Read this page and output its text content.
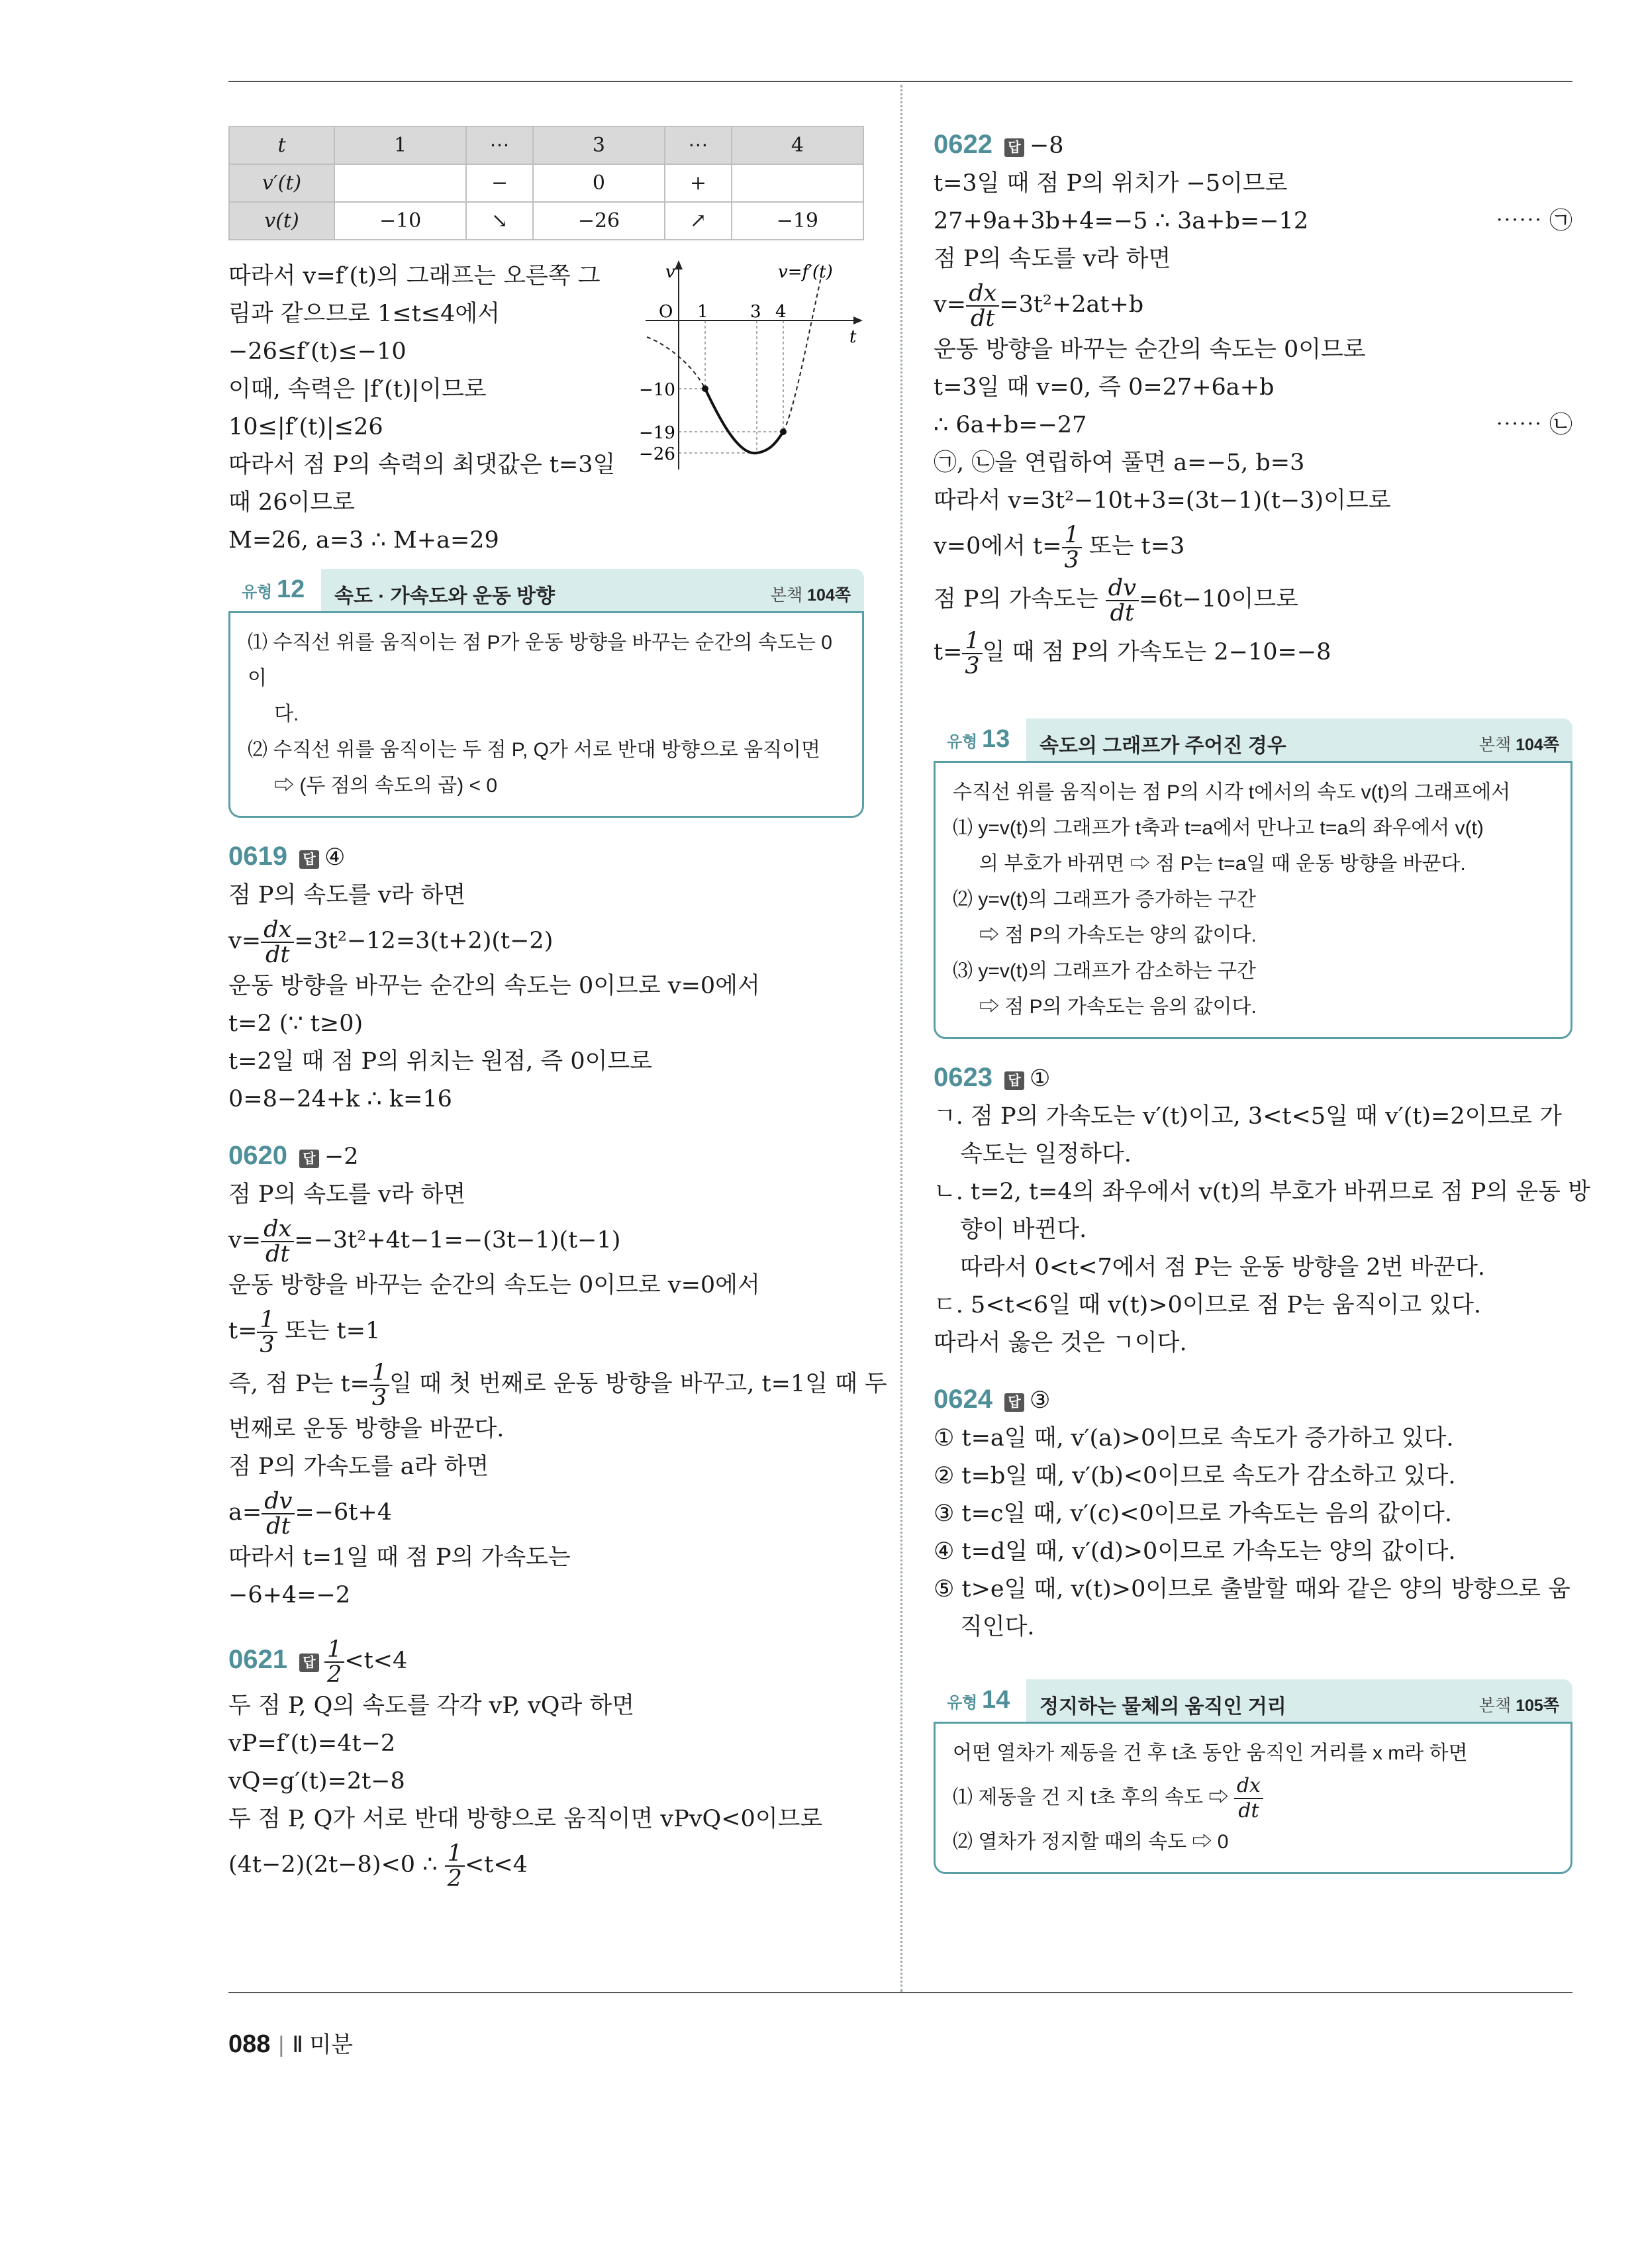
t	1	⋯	3	⋯	4
v′(t)		−	0	+	
v(t)	−10	↘	−26	↗	−19
따라서 v=f′(t)의 그래프는 오른쪽 그
림과 같으므로 1≤t≤4에서
−26≤f′(t)≤−10
이때, 속력은 |f′(t)|이므로
10≤|f′(t)|≤26
따라서 점 P의 속력의 최댓값은 t=3일
때 26이므로
M=26, a=3 ∴ M+a=29
v	v=f′(t)
O
t
1 3 4
−10
−19
−26
유형 12 속도 · 가속도와 운동 방향	본책 104쪽
⑴ 수직선 위를 움직이는 점 P가 운동 방향을 바꾸는 순간의 속도는 0이
다.
⑵ 수직선 위를 움직이는 두 점 P, Q가 서로 반대 방향으로 움직이면
⇨ (두 점의 속도의 곱) < 0
0619 답 ④
점 P의 속도를 v라 하면
$v= \frac{dx}{dt} =3t^2-12=3(t+2)(t-2)$
운동 방향을 바꾸는 순간의 속도는 0이므로 v=0에서
t=2 (∵ t≥0)
t=2일 때 점 P의 위치는 원점, 즉 0이므로
0=8−24+k ∴ k=16
0620 답 −2
점 P의 속도를 v라 하면
$v= \frac{dx}{dt} =-3t^2+4t-1=-(3t-1)(t-1)$
운동 방향을 바꾸는 순간의 속도는 0이므로 v=0에서
$t= \frac{1}{3}$ 또는 t=1
즉, 점 P는 $t= \frac{1}{3}$ 일 때 첫 번째로 운동 방향을 바꾸고, t=1일 때 두
번째로 운동 방향을 바꾼다.
점 P의 가속도를 a라 하면
$a= \frac{dv}{dt} =-6t+4$
따라서 t=1일 때 점 P의 가속도는
−6+4=−2
0621 답 $\frac{1}{2} <t<4$
두 점 P, Q의 속도를 각각 vP, vQ라 하면
vP=f′(t)=4t−2
vQ=g′(t)=2t−8
두 점 P, Q가 서로 반대 방향으로 움직이면 vPvQ<0이므로
(4t−2)(2t−8)<0 ∴ $\frac{1}{2} <t<4$
0622 답 −8
t=3일 때 점 P의 위치가 −5이므로
27+9a+3b+4=−5 ∴ 3a+b=−12	⋯⋯ ㉠
점 P의 속도를 v라 하면
$v= \frac{dx}{dt} =3t^2+2at+b$
운동 방향을 바꾸는 순간의 속도는 0이므로
t=3일 때 v=0, 즉 0=27+6a+b
∴ 6a+b=−27	⋯⋯ ㉡
㉠, ㉡을 연립하여 풀면 a=−5, b=3
따라서 v=3t²−10t+3=(3t−1)(t−3)이므로
v=0에서 $t= \frac{1}{3}$ 또는 t=3
점 P의 가속도는 $\frac{dv}{dt} =6t-10$이므로
$t= \frac{1}{3}$ 일 때 점 P의 가속도는 2−10=−8
유형 13 속도의 그래프가 주어진 경우	본책 104쪽
수직선 위를 움직이는 점 P의 시각 t에서의 속도 v(t)의 그래프에서
⑴ y=v(t)의 그래프가 t축과 t=a에서 만나고 t=a의 좌우에서 v(t)
의 부호가 바뀌면 ⇨ 점 P는 t=a일 때 운동 방향을 바꾼다.
⑵ y=v(t)의 그래프가 증가하는 구간
⇨ 점 P의 가속도는 양의 값이다.
⑶ y=v(t)의 그래프가 감소하는 구간
⇨ 점 P의 가속도는 음의 값이다.
0623 답 ①
ㄱ. 점 P의 가속도는 v′(t)이고, 3<t<5일 때 v′(t)=2이므로 가
속도는 일정하다.
ㄴ. t=2, t=4의 좌우에서 v(t)의 부호가 바뀌므로 점 P의 운동 방
향이 바뀐다.
따라서 0<t<7에서 점 P는 운동 방향을 2번 바꾼다.
ㄷ. 5<t<6일 때 v(t)>0이므로 점 P는 움직이고 있다.
따라서 옳은 것은 ㄱ이다.
0624 답 ③
① t=a일 때, v′(a)>0이므로 속도가 증가하고 있다.
② t=b일 때, v′(b)<0이므로 속도가 감소하고 있다.
③ t=c일 때, v′(c)<0이므로 가속도는 음의 값이다.
④ t=d일 때, v′(d)>0이므로 가속도는 양의 값이다.
⑤ t>e일 때, v(t)>0이므로 출발할 때와 같은 양의 방향으로 움
직인다.
유형 14 정지하는 물체의 움직인 거리	본책 105쪽
어떤 열차가 제동을 건 후 t초 동안 움직인 거리를 x m라 하면
⑴ 제동을 건 지 t초 후의 속도 ⇨ $\frac{dx}{dt}$
⑵ 열차가 정지할 때의 속도 ⇨ 0
088 | Ⅱ 미분
